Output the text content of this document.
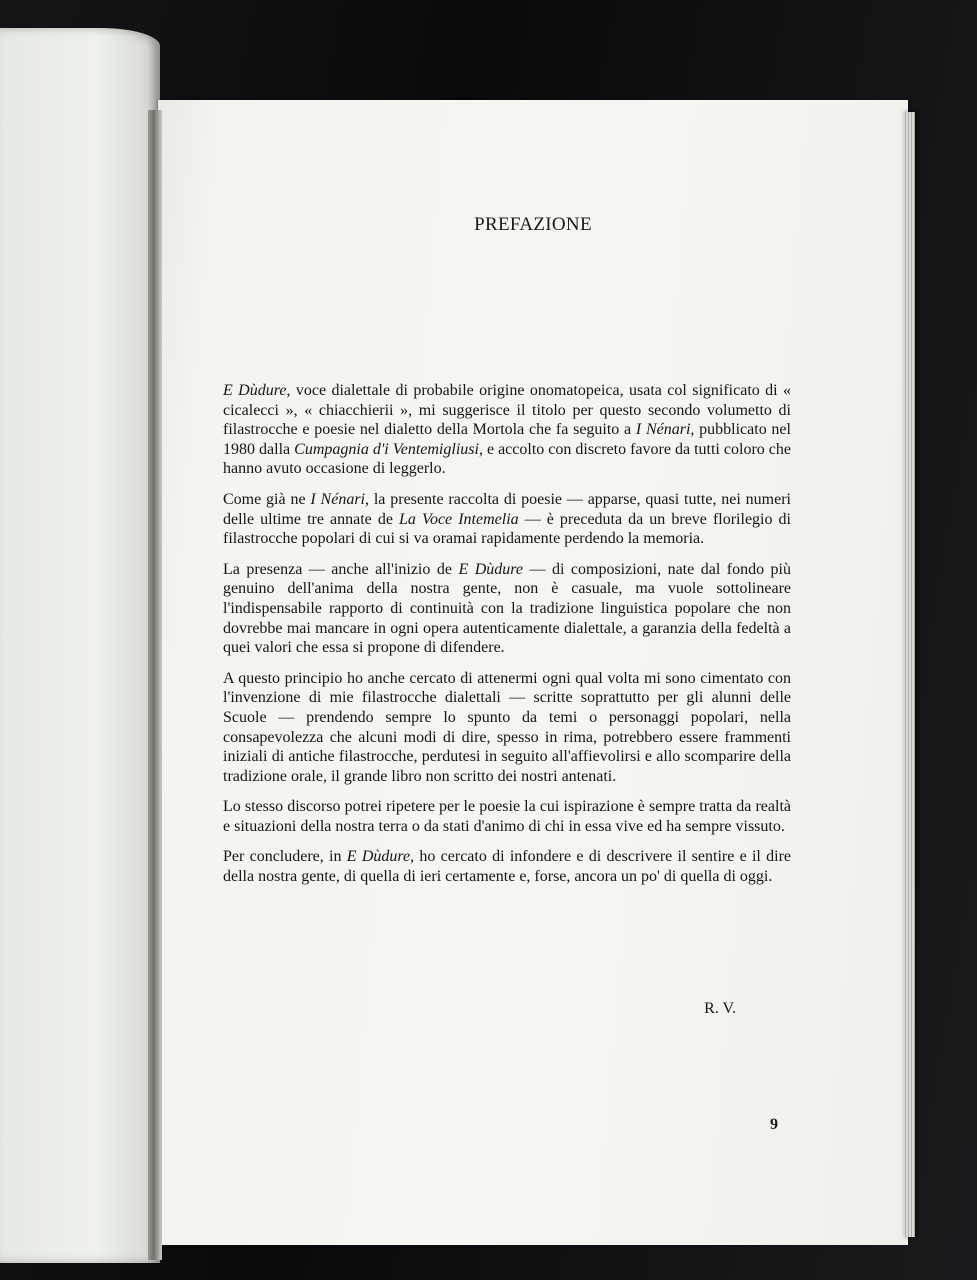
PREFAZIONE

E Dùdure, voce dialettale di probabile origine onomatopeica, usata col significato di « cicalecci », « chiacchierii », mi suggerisce il titolo per questo secondo volumetto di filastrocche e poesie nel dialetto della Mortola che fa seguito a I Nénari, pubblicato nel 1980 dalla Cumpagnia d'i Ventemigliusi, e accolto con discreto favore da tutti coloro che hanno avuto occasione di leggerlo.

Come già ne I Nénari, la presente raccolta di poesie — apparse, quasi tutte, nei numeri delle ultime tre annate de La Voce Intemelia — è preceduta da un breve florilegio di filastrocche popolari di cui si va oramai rapidamente perdendo la memoria.

La presenza — anche all'inizio de E Dùdure — di composizioni, nate dal fondo più genuino dell'anima della nostra gente, non è casuale, ma vuole sottolineare l'indispensabile rapporto di continuità con la tradizione linguistica popolare che non dovrebbe mai mancare in ogni opera autenticamente dialettale, a garanzia della fedeltà a quei valori che essa si propone di difendere.

A questo principio ho anche cercato di attenermi ogni qual volta mi sono cimentato con l'invenzione di mie filastrocche dialettali — scritte soprattutto per gli alunni delle Scuole — prendendo sempre lo spunto da temi o personaggi popolari, nella consapevolezza che alcuni modi di dire, spesso in rima, potrebbero essere frammenti iniziali di antiche filastrocche, perdutesi in seguito all'affievolirsi e allo scomparire della tradizione orale, il grande libro non scritto dei nostri antenati.

Lo stesso discorso potrei ripetere per le poesie la cui ispirazione è sempre tratta da realtà e situazioni della nostra terra o da stati d'animo di chi in essa vive ed ha sempre vissuto.

Per concludere, in E Dùdure, ho cercato di infondere e di descrivere il sentire e il dire della nostra gente, di quella di ieri certamente e, forse, ancora un po' di quella di oggi.

R. V.
9
